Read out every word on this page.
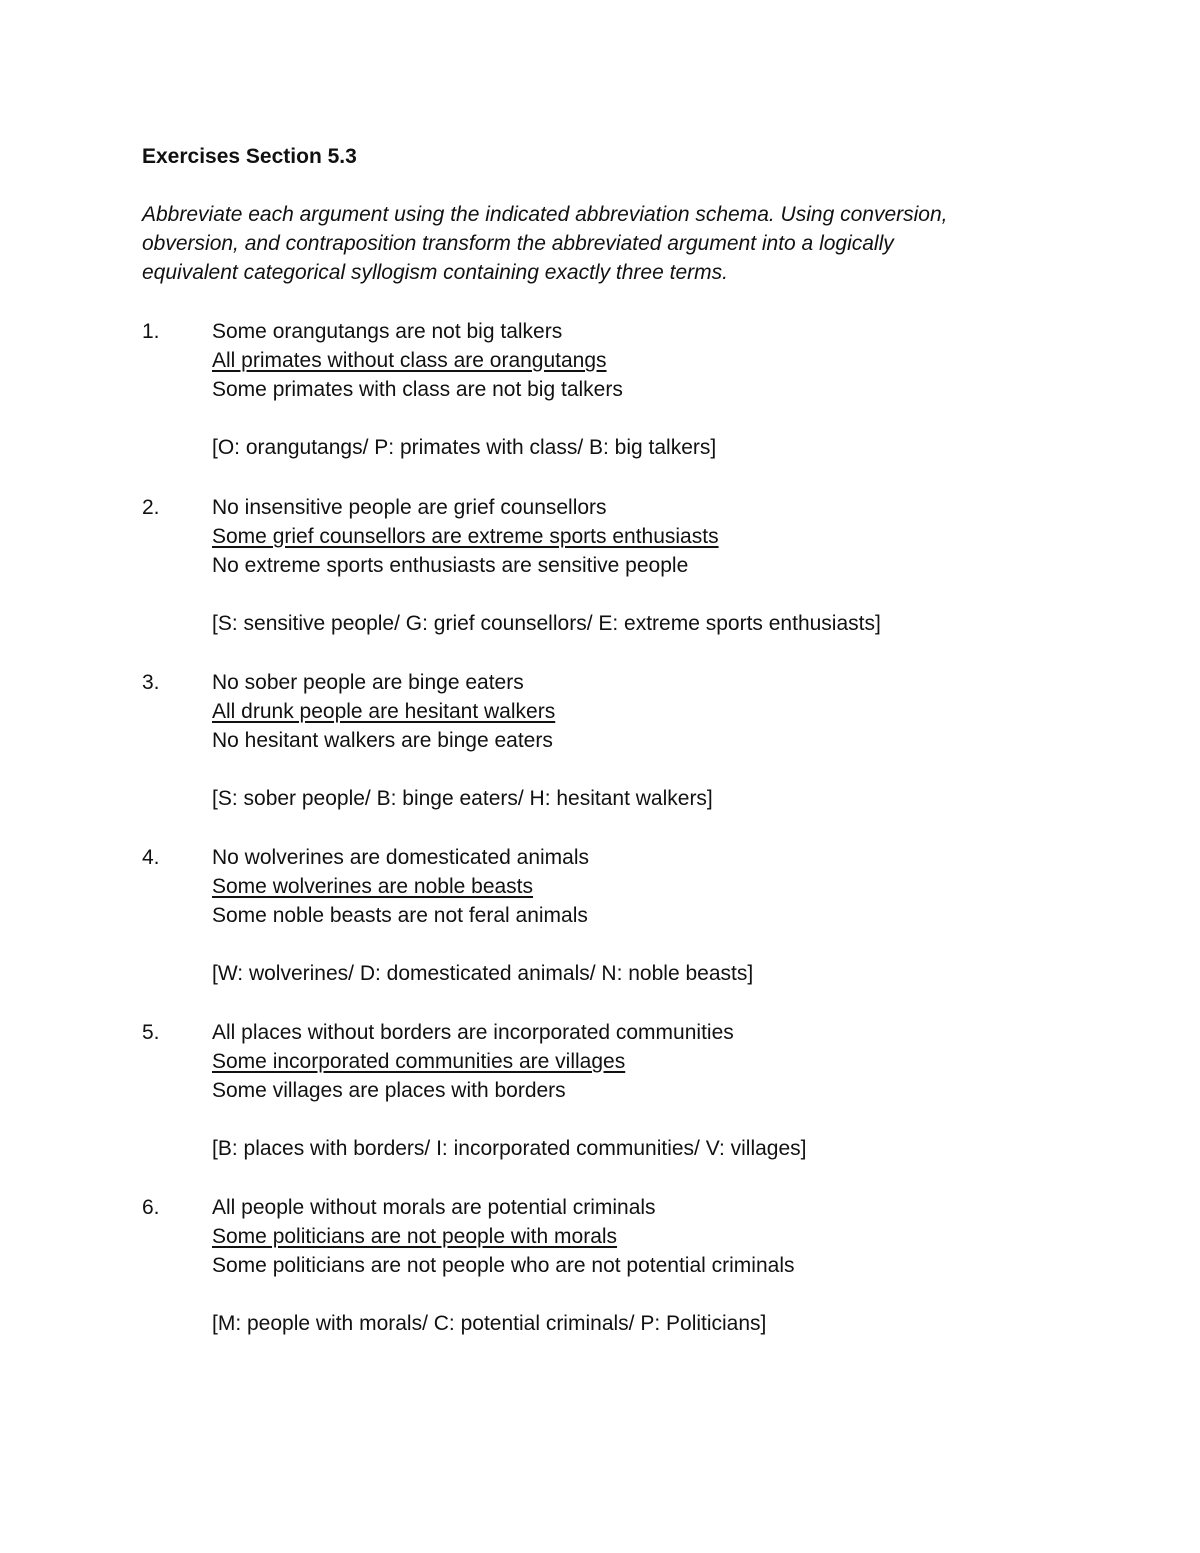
Exercises Section 5.3
Abbreviate each argument using the indicated abbreviation schema. Using conversion,
obversion, and contraposition transform the abbreviated argument into a logically
equivalent categorical syllogism containing exactly three terms.
1. Some orangutangs are not big talkers
All primates without class are orangutangs
Some primates with class are not big talkers
[O: orangutangs/ P: primates with class/ B: big talkers]
2. No insensitive people are grief counsellors
Some grief counsellors are extreme sports enthusiasts
No extreme sports enthusiasts are sensitive people
[S: sensitive people/ G: grief counsellors/ E: extreme sports enthusiasts]
3. No sober people are binge eaters
All drunk people are hesitant walkers
No hesitant walkers are binge eaters
[S: sober people/ B: binge eaters/ H: hesitant walkers]
4. No wolverines are domesticated animals
Some wolverines are noble beasts
Some noble beasts are not feral animals
[W: wolverines/ D: domesticated animals/ N: noble beasts]
5. All places without borders are incorporated communities
Some incorporated communities are villages
Some villages are places with borders
[B: places with borders/ I: incorporated communities/ V: villages]
6. All people without morals are potential criminals
Some politicians are not people with morals
Some politicians are not people who are not potential criminals
[M: people with morals/ C: potential criminals/ P: Politicians]
